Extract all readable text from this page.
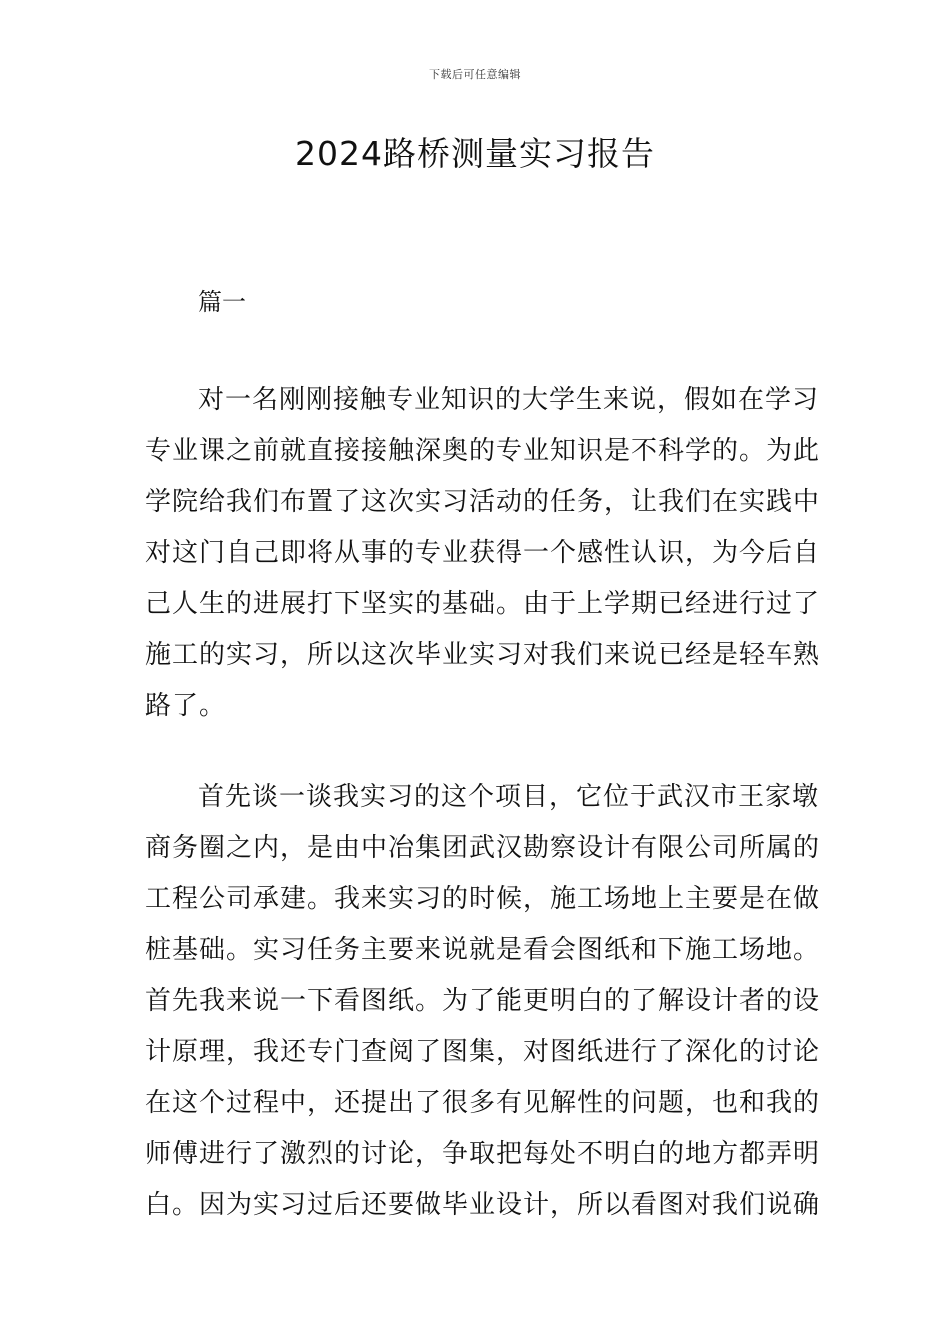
下载后可任意编辑
2024路桥测量实习报告
篇一
对一名刚刚接触专业知识的大学生来说，假如在学习
专业课之前就直接接触深奥的专业知识是不科学的。为此
学院给我们布置了这次实习活动的任务，让我们在实践中
对这门自己即将从事的专业获得一个感性认识，为今后自
己人生的进展打下坚实的基础。由于上学期已经进行过了
施工的实习，所以这次毕业实习对我们来说已经是轻车熟
路了。
首先谈一谈我实习的这个项目，它位于武汉市王家墩
商务圈之内，是由中冶集团武汉勘察设计有限公司所属的
工程公司承建。我来实习的时候，施工场地上主要是在做
桩基础。实习任务主要来说就是看会图纸和下施工场地。
首先我来说一下看图纸。为了能更明白的了解设计者的设
计原理，我还专门查阅了图集，对图纸进行了深化的讨论
在这个过程中，还提出了很多有见解性的问题，也和我的
师傅进行了激烈的讨论，争取把每处不明白的地方都弄明
白。因为实习过后还要做毕业设计，所以看图对我们说确
